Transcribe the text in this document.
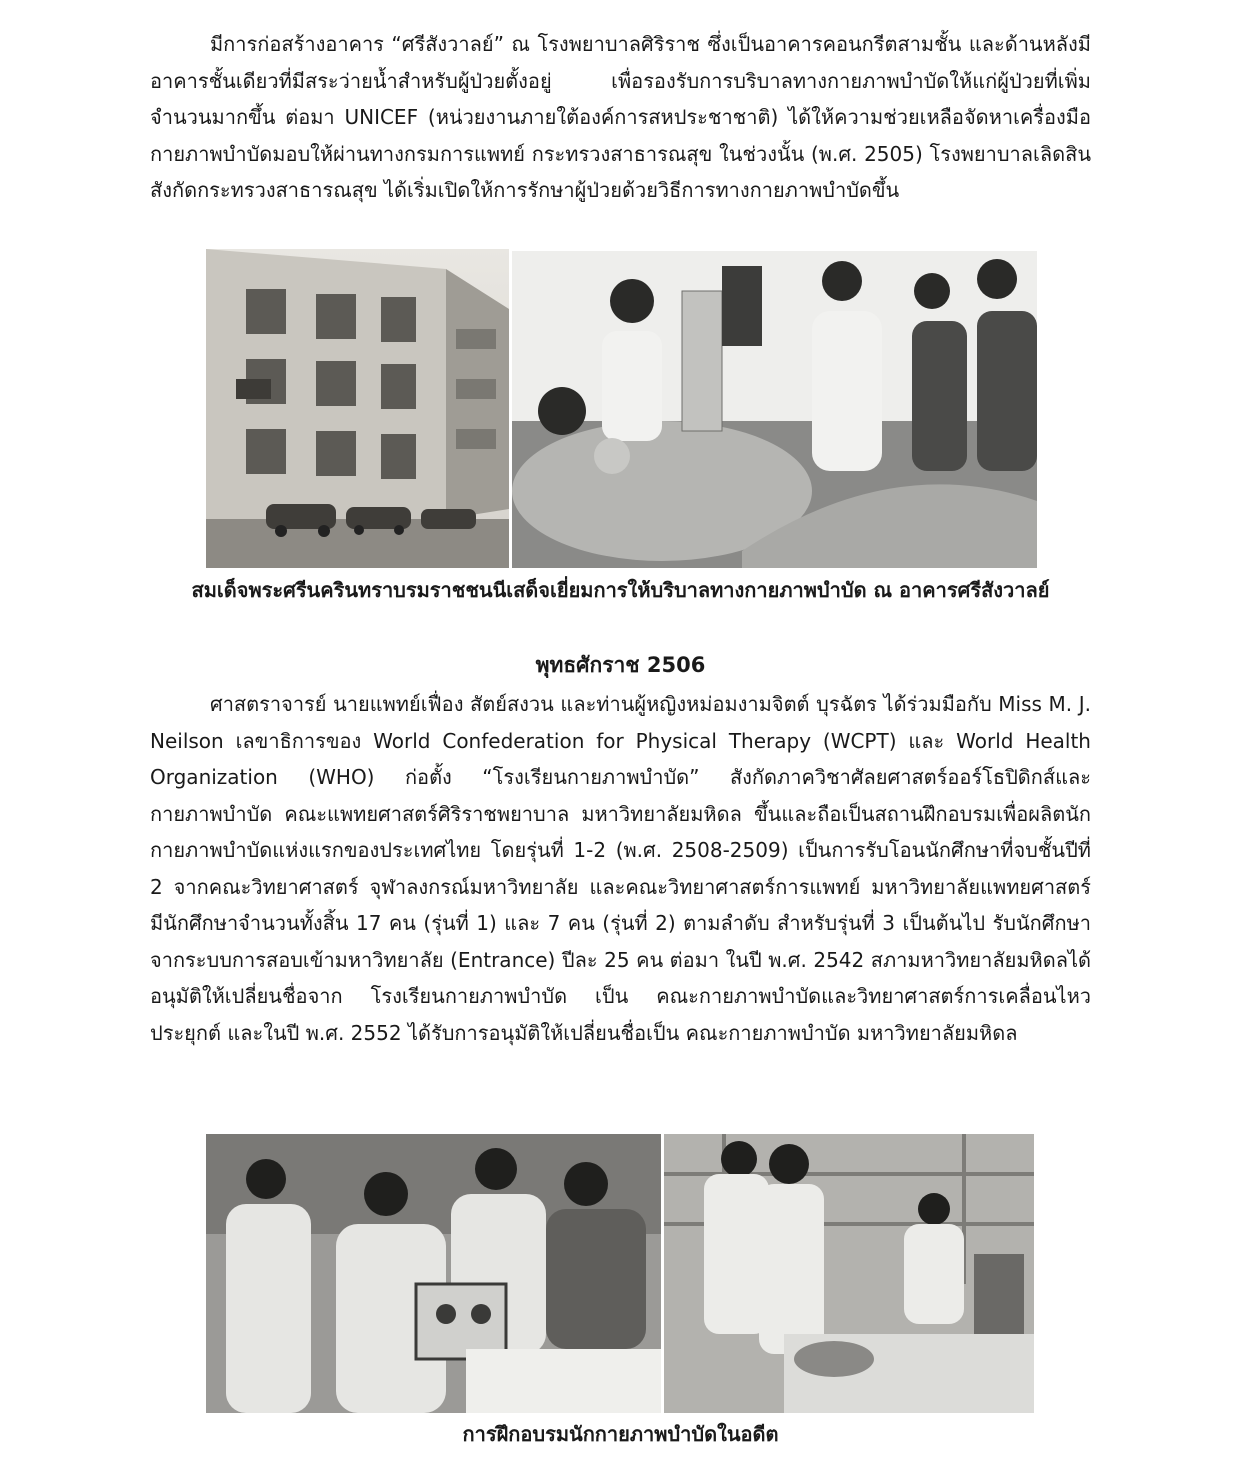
มีการก่อสร้างอาคาร “ศรีสังวาลย์” ณ โรงพยาบาลศิริราช ซึ่งเป็นอาคารคอนกรีตสามชั้น และด้านหลังมีอาคารชั้นเดียวที่มีสระว่ายน้ำสำหรับผู้ป่วยตั้งอยู่ เพื่อรองรับการบริบาลทางกายภาพบำบัดให้แก่ผู้ป่วยที่เพิ่มจำนวนมากขึ้น ต่อมา UNICEF (หน่วยงานภายใต้องค์การสหประชาชาติ) ได้ให้ความช่วยเหลือจัดหาเครื่องมือกายภาพบำบัดมอบให้ผ่านทางกรมการแพทย์ กระทรวงสาธารณสุข ในช่วงนั้น (พ.ศ. 2505) โรงพยาบาลเลิดสิน สังกัดกระทรวงสาธารณสุข ได้เริ่มเปิดให้การรักษาผู้ป่วยด้วยวิธีการทางกายภาพบำบัดขึ้น

สมเด็จพระศรีนครินทราบรมราชชนนีเสด็จเยี่ยมการให้บริบาลทางกายภาพบำบัด ณ อาคารศรีสังวาลย์

พุทธศักราช 2506

ศาสตราจารย์ นายแพทย์เฟื่อง สัตย์สงวน และท่านผู้หญิงหม่อมงามจิตต์ บุรฉัตร ได้ร่วมมือกับ Miss M. J. Neilson เลขาธิการของ World Confederation for Physical Therapy (WCPT) และ World Health Organization (WHO) ก่อตั้ง “โรงเรียนกายภาพบำบัด” สังกัดภาควิชาศัลยศาสตร์ออร์โธปิดิกส์และกายภาพบำบัด คณะแพทยศาสตร์ศิริราชพยาบาล มหาวิทยาลัยมหิดล ขึ้นและถือเป็นสถานฝึกอบรมเพื่อผลิตนักกายภาพบำบัดแห่งแรกของประเทศไทย โดยรุ่นที่ 1-2 (พ.ศ. 2508-2509) เป็นการรับโอนนักศึกษาที่จบชั้นปีที่ 2 จากคณะวิทยาศาสตร์ จุฬาลงกรณ์มหาวิทยาลัย และคณะวิทยาศาสตร์การแพทย์ มหาวิทยาลัยแพทยศาสตร์ มีนักศึกษาจำนวนทั้งสิ้น 17 คน (รุ่นที่ 1) และ 7 คน (รุ่นที่ 2) ตามลำดับ สำหรับรุ่นที่ 3 เป็นต้นไป รับนักศึกษาจากระบบการสอบเข้ามหาวิทยาลัย (Entrance) ปีละ 25 คน ต่อมา ในปี พ.ศ. 2542 สภามหาวิทยาลัยมหิดลได้อนุมัติให้เปลี่ยนชื่อจาก โรงเรียนกายภาพบำบัด เป็น คณะกายภาพบำบัดและวิทยาศาสตร์การเคลื่อนไหวประยุกต์ และในปี พ.ศ. 2552 ได้รับการอนุมัติให้เปลี่ยนชื่อเป็น คณะกายภาพบำบัด มหาวิทยาลัยมหิดล

การฝึกอบรมนักกายภาพบำบัดในอดีต
